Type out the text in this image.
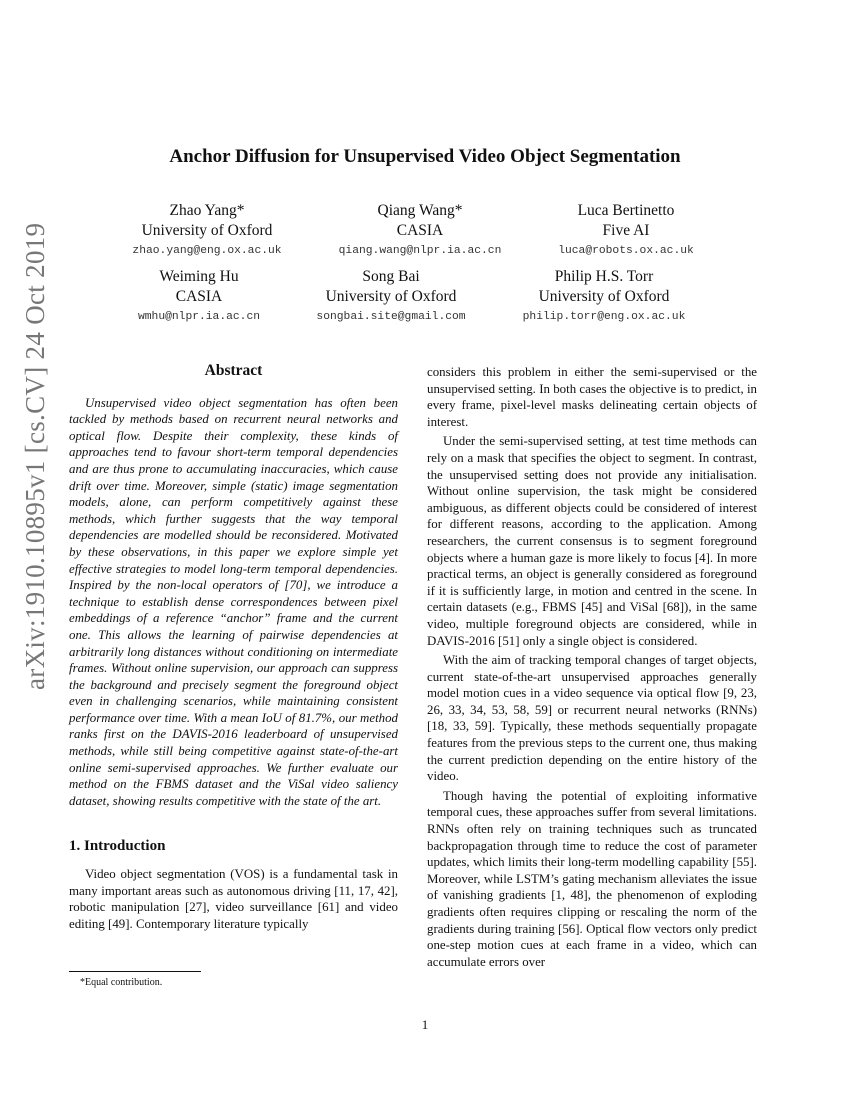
arXiv:1910.10895v1 [cs.CV] 24 Oct 2019
Anchor Diffusion for Unsupervised Video Object Segmentation
Zhao Yang*
University of Oxford
zhao.yang@eng.ox.ac.uk
Qiang Wang*
CASIA
qiang.wang@nlpr.ia.ac.cn
Luca Bertinetto
Five AI
luca@robots.ox.ac.uk
Weiming Hu
CASIA
wmhu@nlpr.ia.ac.cn
Song Bai
University of Oxford
songbai.site@gmail.com
Philip H.S. Torr
University of Oxford
philip.torr@eng.ox.ac.uk
Abstract

Unsupervised video object segmentation has often been tackled by methods based on recurrent neural networks and optical flow. Despite their complexity, these kinds of approaches tend to favour short-term temporal dependencies and are thus prone to accumulating inaccuracies, which cause drift over time. Moreover, simple (static) image segmentation models, alone, can perform competitively against these methods, which further suggests that the way temporal dependencies are modelled should be reconsidered. Motivated by these observations, in this paper we explore simple yet effective strategies to model long-term temporal dependencies. Inspired by the non-local operators of [70], we introduce a technique to establish dense correspondences between pixel embeddings of a reference “anchor” frame and the current one. This allows the learning of pairwise dependencies at arbitrarily long distances without conditioning on intermediate frames. Without online supervision, our approach can suppress the background and precisely segment the foreground object even in challenging scenarios, while maintaining consistent performance over time. With a mean IoU of 81.7%, our method ranks first on the DAVIS-2016 leaderboard of unsupervised methods, while still being competitive against state-of-the-art online semi-supervised approaches. We further evaluate our method on the FBMS dataset and the ViSal video saliency dataset, showing results competitive with the state of the art.

1. Introduction

Video object segmentation (VOS) is a fundamental task in many important areas such as autonomous driving [11, 17, 42], robotic manipulation [27], video surveillance [61] and video editing [49]. Contemporary literature typically

considers this problem in either the semi-supervised or the unsupervised setting. In both cases the objective is to predict, in every frame, pixel-level masks delineating certain objects of interest.

Under the semi-supervised setting, at test time methods can rely on a mask that specifies the object to segment. In contrast, the unsupervised setting does not provide any initialisation. Without online supervision, the task might be considered ambiguous, as different objects could be considered of interest for different reasons, according to the application. Among researchers, the current consensus is to segment foreground objects where a human gaze is more likely to focus [4]. In more practical terms, an object is generally considered as foreground if it is sufficiently large, in motion and centred in the scene. In certain datasets (e.g., FBMS [45] and ViSal [68]), in the same video, multiple foreground objects are considered, while in DAVIS-2016 [51] only a single object is considered.

With the aim of tracking temporal changes of target objects, current state-of-the-art unsupervised approaches generally model motion cues in a video sequence via optical flow [9, 23, 26, 33, 34, 53, 58, 59] or recurrent neural networks (RNNs) [18, 33, 59]. Typically, these methods sequentially propagate features from the previous steps to the current one, thus making the current prediction depending on the entire history of the video.

Though having the potential of exploiting informative temporal cues, these approaches suffer from several limitations. RNNs often rely on training techniques such as truncated backpropagation through time to reduce the cost of parameter updates, which limits their long-term modelling capability [55]. Moreover, while LSTM’s gating mechanism alleviates the issue of vanishing gradients [1, 48], the phenomenon of exploding gradients often requires clipping or rescaling the norm of the gradients during training [56]. Optical flow vectors only predict one-step motion cues at each frame in a video, which can accumulate errors over

*Equal contribution.
1
